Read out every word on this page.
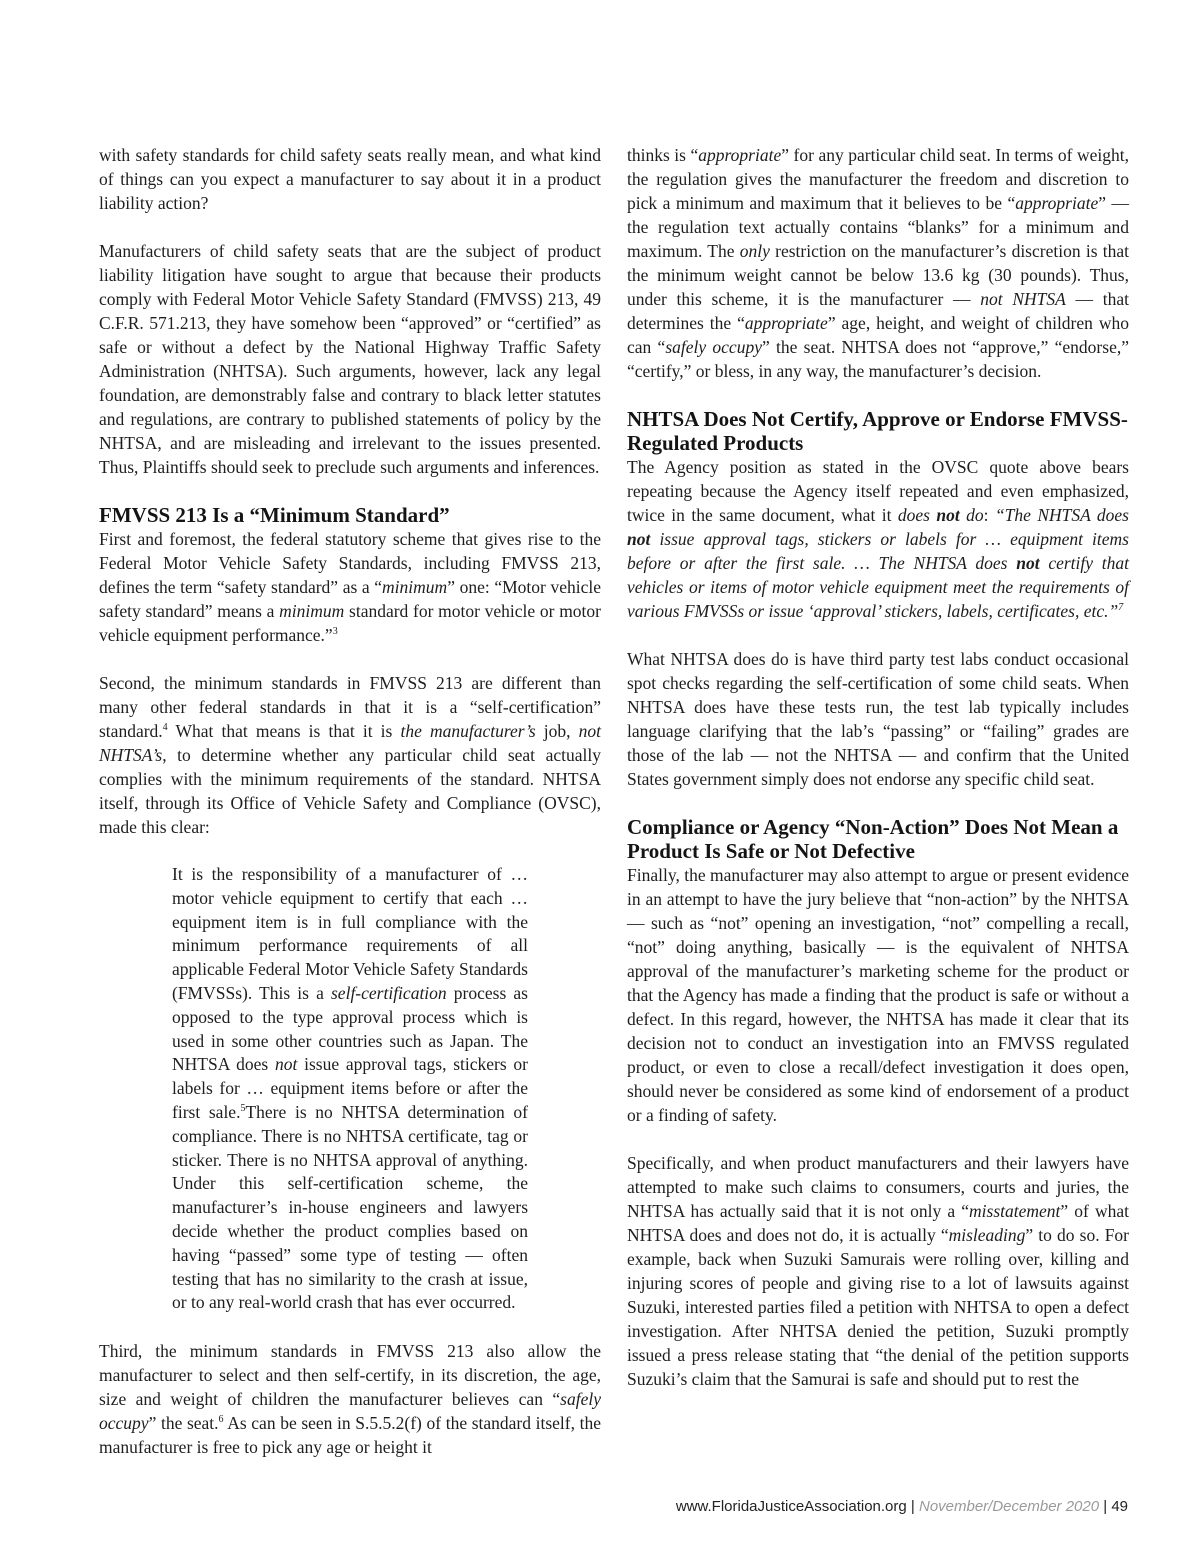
with safety standards for child safety seats really mean, and what kind of things can you expect a manufacturer to say about it in a product liability action?

Manufacturers of child safety seats that are the subject of product liability litigation have sought to argue that because their products comply with Federal Motor Vehicle Safety Standard (FMVSS) 213, 49 C.F.R. 571.213, they have somehow been “approved” or “certified” as safe or without a defect by the National Highway Traffic Safety Administration (NHTSA). Such arguments, however, lack any legal foundation, are demonstrably false and contrary to black letter statutes and regulations, are contrary to published statements of policy by the NHTSA, and are misleading and irrelevant to the issues presented. Thus, Plaintiffs should seek to preclude such arguments and inferences.

FMVSS 213 Is a “Minimum Standard”

First and foremost, the federal statutory scheme that gives rise to the Federal Motor Vehicle Safety Standards, including FMVSS 213, defines the term “safety standard” as a “minimum” one: “Motor vehicle safety standard” means a minimum standard for motor vehicle or motor vehicle equipment performance.”$^3$

Second, the minimum standards in FMVSS 213 are different than many other federal standards in that it is a “self-certification” standard.$^4$ What that means is that it is the manufacturer’s job, not NHTSA’s, to determine whether any particular child seat actually complies with the minimum requirements of the standard. NHTSA itself, through its Office of Vehicle Safety and Compliance (OVSC), made this clear:

It is the responsibility of a manufacturer of … motor vehicle equipment to certify that each … equipment item is in full compliance with the minimum performance requirements of all applicable Federal Motor Vehicle Safety Standards (FMVSSs). This is a self-certification process as opposed to the type approval process which is used in some other countries such as Japan. The NHTSA does not issue approval tags, stickers or labels for … equipment items before or after the first sale.$^5$There is no NHTSA determination of compliance. There is no NHTSA certificate, tag or sticker. There is no NHTSA approval of anything. Under this self-certification scheme, the manufacturer’s in-house engineers and lawyers decide whether the product complies based on having “passed” some type of testing — often testing that has no similarity to the crash at issue, or to any real-world crash that has ever occurred.

Third, the minimum standards in FMVSS 213 also allow the manufacturer to select and then self-certify, in its discretion, the age, size and weight of children the manufacturer believes can “safely occupy” the seat.$^6$ As can be seen in S.5.5.2(f) of the standard itself, the manufacturer is free to pick any age or height it

thinks is “appropriate” for any particular child seat. In terms of weight, the regulation gives the manufacturer the freedom and discretion to pick a minimum and maximum that it believes to be “appropriate” — the regulation text actually contains “blanks” for a minimum and maximum. The only restriction on the manufacturer’s discretion is that the minimum weight cannot be below 13.6 kg (30 pounds). Thus, under this scheme, it is the manufacturer — not NHTSA — that determines the “appropriate” age, height, and weight of children who can “safely occupy” the seat. NHTSA does not “approve,” “endorse,” “certify,” or bless, in any way, the manufacturer’s decision.

NHTSA Does Not Certify, Approve or Endorse FMVSS-Regulated Products

The Agency position as stated in the OVSC quote above bears repeating because the Agency itself repeated and even emphasized, twice in the same document, what it does not do: “The NHTSA does not issue approval tags, stickers or labels for … equipment items before or after the first sale. … The NHTSA does not certify that vehicles or items of motor vehicle equipment meet the requirements of various FMVSSs or issue ‘approval’ stickers, labels, certificates, etc.”$^7$

What NHTSA does do is have third party test labs conduct occasional spot checks regarding the self-certification of some child seats. When NHTSA does have these tests run, the test lab typically includes language clarifying that the lab’s “passing” or “failing” grades are those of the lab — not the NHTSA — and confirm that the United States government simply does not endorse any specific child seat.

Compliance or Agency “Non-Action” Does Not Mean a Product Is Safe or Not Defective

Finally, the manufacturer may also attempt to argue or present evidence in an attempt to have the jury believe that “non-action” by the NHTSA — such as “not” opening an investigation, “not” compelling a recall, “not” doing anything, basically — is the equivalent of NHTSA approval of the manufacturer’s marketing scheme for the product or that the Agency has made a finding that the product is safe or without a defect. In this regard, however, the NHTSA has made it clear that its decision not to conduct an investigation into an FMVSS regulated product, or even to close a recall/defect investigation it does open, should never be considered as some kind of endorsement of a product or a finding of safety.

Specifically, and when product manufacturers and their lawyers have attempted to make such claims to consumers, courts and juries, the NHTSA has actually said that it is not only a “misstatement” of what NHTSA does and does not do, it is actually “misleading” to do so. For example, back when Suzuki Samurais were rolling over, killing and injuring scores of people and giving rise to a lot of lawsuits against Suzuki, interested parties filed a petition with NHTSA to open a defect investigation. After NHTSA denied the petition, Suzuki promptly issued a press release stating that “the denial of the petition supports Suzuki’s claim that the Samurai is safe and should put to rest the

www.FloridaJusticeAssociation.org | November/December 2020 | 49
